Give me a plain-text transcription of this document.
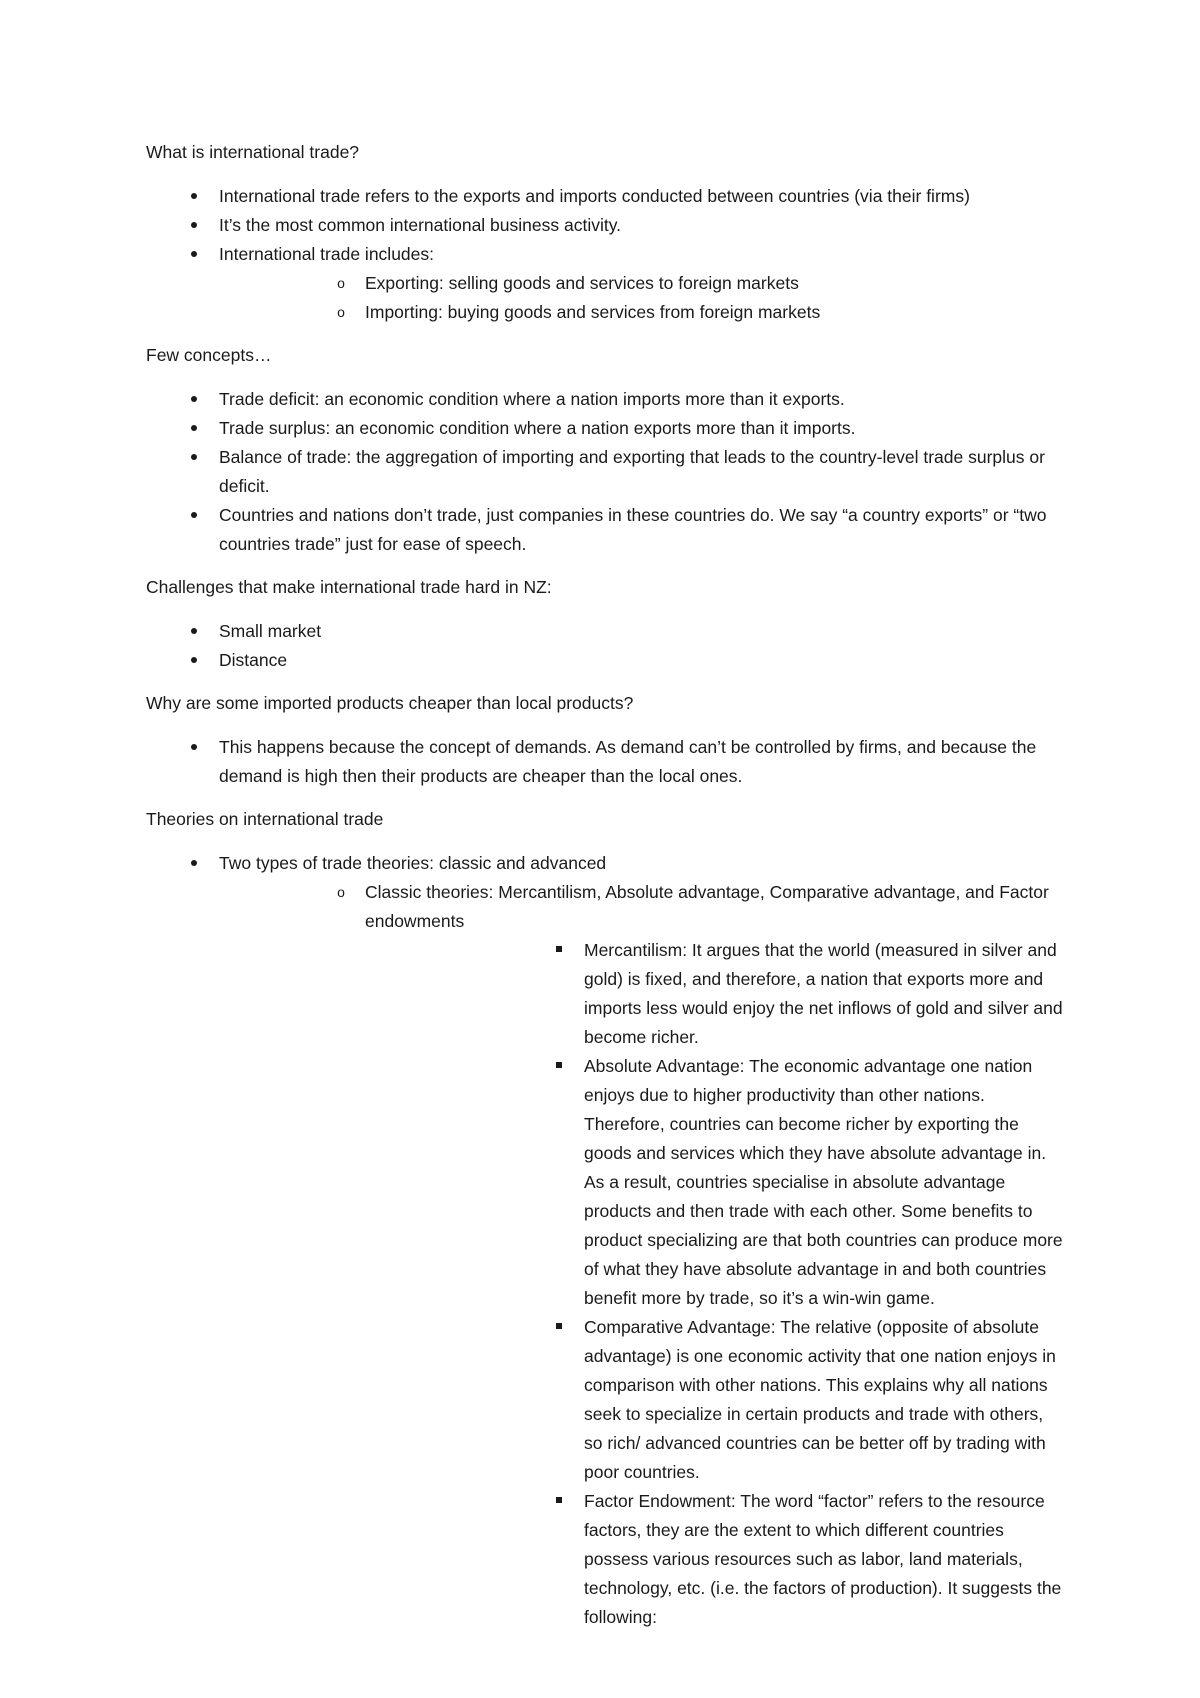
What is international trade?

International trade refers to the exports and imports conducted between countries (via their firms)
It’s the most common international business activity.
International trade includes:
o	Exporting: selling goods and services to foreign markets
o	Importing: buying goods and services from foreign markets

Few concepts…

Trade deficit: an economic condition where a nation imports more than it exports.
Trade surplus: an economic condition where a nation exports more than it imports.
Balance of trade: the aggregation of importing and exporting that leads to the country-level trade surplus or deficit.
Countries and nations don’t trade, just companies in these countries do. We say “a country exports” or “two countries trade” just for ease of speech.

Challenges that make international trade hard in NZ:

Small market
Distance

Why are some imported products cheaper than local products?

This happens because the concept of demands. As demand can’t be controlled by firms, and because the demand is high then their products are cheaper than the local ones.

Theories on international trade

Two types of trade theories: classic and advanced
o	Classic theories: Mercantilism, Absolute advantage, Comparative advantage, and Factor endowments
Mercantilism: It argues that the world (measured in silver and gold) is fixed, and therefore, a nation that exports more and imports less would enjoy the net inflows of gold and silver and become richer.
Absolute Advantage: The economic advantage one nation enjoys due to higher productivity than other nations. Therefore, countries can become richer by exporting the goods and services which they have absolute advantage in. As a result, countries specialise in absolute advantage products and then trade with each other. Some benefits to product specializing are that both countries can produce more of what they have absolute advantage in and both countries benefit more by trade, so it’s a win-win game.
Comparative Advantage: The relative (opposite of absolute advantage) is one economic activity that one nation enjoys in comparison with other nations. This explains why all nations seek to specialize in certain products and trade with others, so rich/ advanced countries can be better off by trading with poor countries.
Factor Endowment: The word “factor” refers to the resource factors, they are the extent to which different countries possess various resources such as labor, land materials, technology, etc. (i.e. the factors of production). It suggests the following:
